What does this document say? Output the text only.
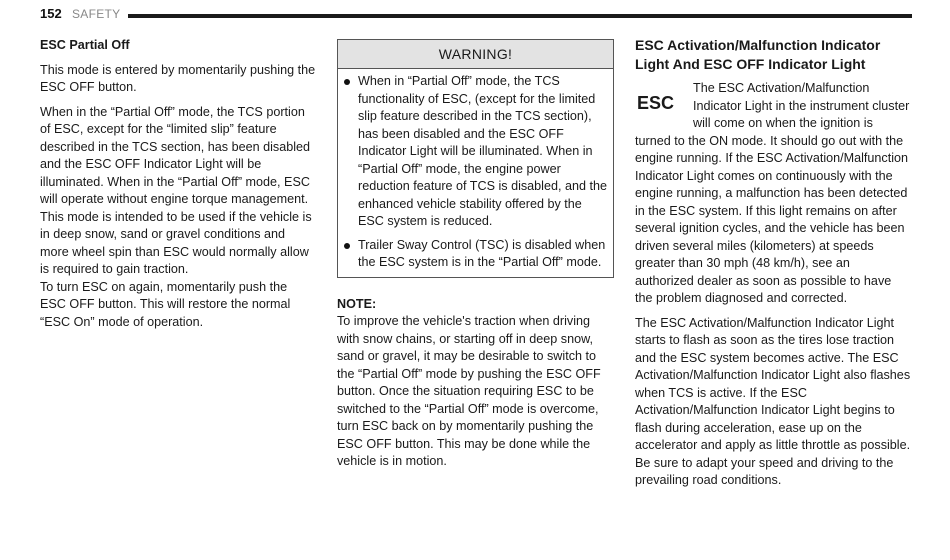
152 SAFETY
ESC Partial Off

This mode is entered by momentarily pushing the ESC OFF button.

When in the “Partial Off” mode, the TCS portion of ESC, except for the “limited slip” feature described in the TCS section, has been disabled and the ESC OFF Indicator Light will be illuminated. When in the “Partial Off” mode, ESC will operate without engine torque management. This mode is intended to be used if the vehicle is in deep snow, sand or gravel conditions and more wheel spin than ESC would normally allow is required to gain traction.

To turn ESC on again, momentarily push the ESC OFF button. This will restore the normal “ESC On” mode of operation.

WARNING!
When in “Partial Off” mode, the TCS functionality of ESC, (except for the limited slip feature described in the TCS section), has been disabled and the ESC OFF Indicator Light will be illuminated. When in “Partial Off” mode, the engine power reduction feature of TCS is disabled, and the enhanced vehicle stability offered by the ESC system is reduced.
Trailer Sway Control (TSC) is disabled when the ESC system is in the “Partial Off” mode.
NOTE:
To improve the vehicle's traction when driving with snow chains, or starting off in deep snow, sand or gravel, it may be desirable to switch to the “Partial Off” mode by pushing the ESC OFF button. Once the situation requiring ESC to be switched to the “Partial Off” mode is overcome, turn ESC back on by momentarily pushing the ESC OFF button. This may be done while the vehicle is in motion.
ESC Activation/Malfunction Indicator Light And ESC OFF Indicator Light
ESC

The ESC Activation/Malfunction Indicator Light in the instrument cluster will come on when the ignition is turned to the ON mode. It should go out with the engine running. If the ESC Activation/Malfunction Indicator Light comes on continuously with the engine running, a malfunction has been detected in the ESC system. If this light remains on after several ignition cycles, and the vehicle has been driven several miles (kilometers) at speeds greater than 30 mph (48 km/h), see an authorized dealer as soon as possible to have the problem diagnosed and corrected.

The ESC Activation/Malfunction Indicator Light starts to flash as soon as the tires lose traction and the ESC system becomes active. The ESC Activation/Malfunction Indicator Light also flashes when TCS is active. If the ESC Activation/Malfunction Indicator Light begins to flash during acceleration, ease up on the accelerator and apply as little throttle as possible. Be sure to adapt your speed and driving to the prevailing road conditions.
